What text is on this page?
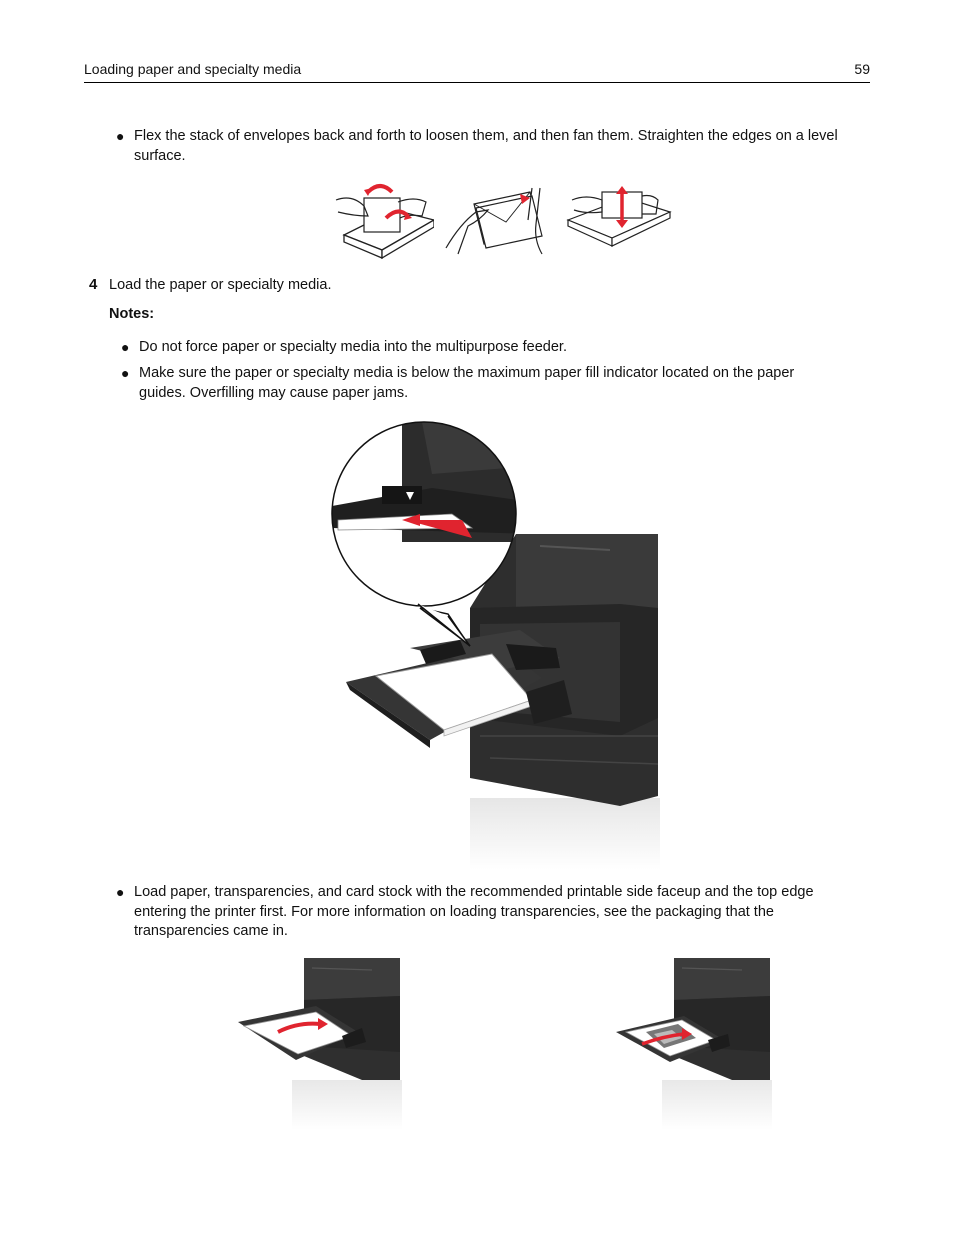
Loading paper and specialty media	59
● Flex the stack of envelopes back and forth to loosen them, and then fan them. Straighten the edges on a level
surface.
4 Load the paper or specialty media.
Notes:
● Do not force paper or specialty media into the multipurpose feeder.
● Make sure the paper or specialty media is below the maximum paper fill indicator located on the paper
guides. Overfilling may cause paper jams.
● Load paper, transparencies, and card stock with the recommended printable side faceup and the top edge
entering the printer first. For more information on loading transparencies, see the packaging that the
transparencies came in.
